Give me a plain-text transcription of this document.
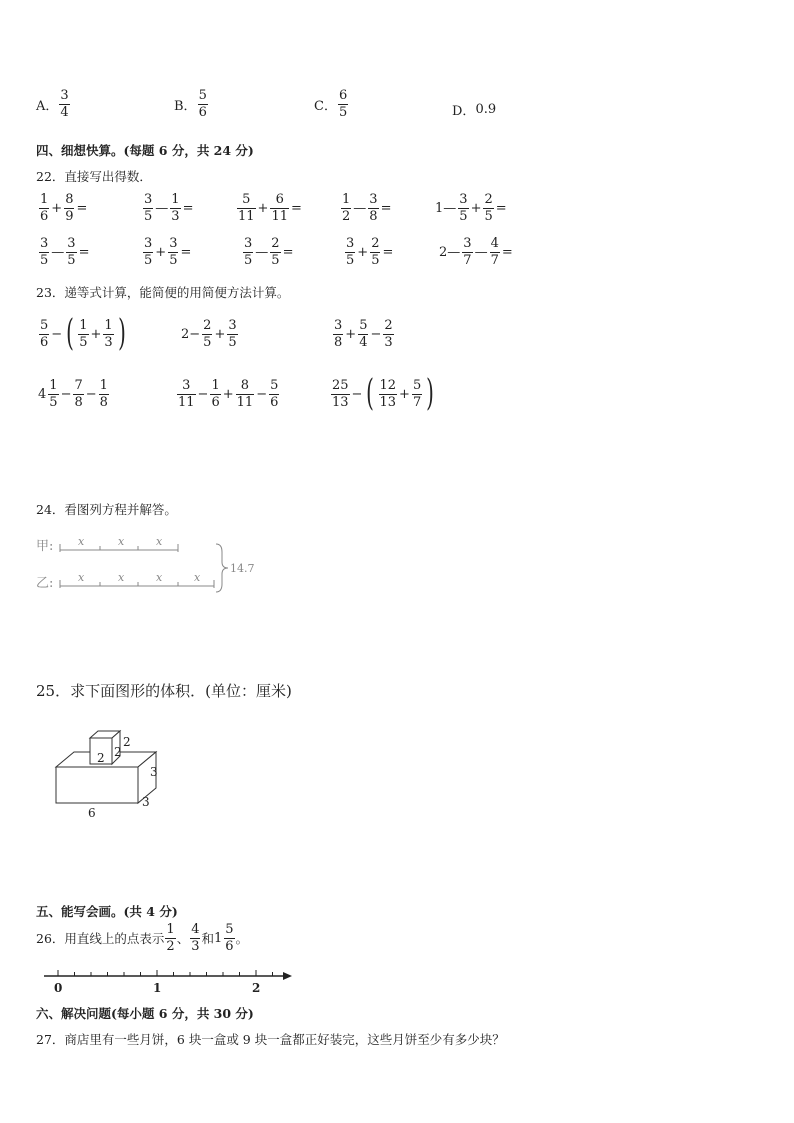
A． $\frac{3}{4}$	B． $\frac{5}{6}$	C． $\frac{6}{5}$	D． 0.9
四、细想快算。(每题 6 分，共 24 分)
22．直接写出得数．
$\frac{1}{6} + \frac{8}{9}$ =	$\frac{3}{5}$ — $\frac{1}{3}$ =	$\frac{5}{11} + \frac{6}{11}$ =	$\frac{1}{2}$ — $\frac{3}{8}$ =	1— $\frac{3}{5} + \frac{2}{5}$ =
$\frac{3}{5}$ — $\frac{3}{5}$ =	$\frac{3}{5} + \frac{3}{5}$ =	$\frac{3}{5}$ — $\frac{2}{5}$ =	$\frac{3}{5} + \frac{2}{5}$ =	2— $\frac{3}{7}$ — $\frac{4}{7}$ =
23．递等式计算，能简便的用简便方法计算。
$\frac{5}{6}$ − ( $\frac{1}{5} + \frac{1}{3}$ )	$2- \frac{2}{5} + \frac{3}{5}$	$\frac{3}{8} + \frac{5}{4} - \frac{2}{3}$
$4 \frac{1}{5} - \frac{7}{8} - \frac{1}{8}$	$\frac{3}{11} - \frac{1}{6} + \frac{8}{11} - \frac{5}{6}$	$\frac{25}{13}$ − ( $\frac{12}{13} + \frac{5}{7}$ )
24．看图列方程并解答。
甲:
乙:
x	x	x
x	x	x	x
14.7
25．求下面图形的体积．(单位：厘米)
2
2
2
3
3
6
五、能写会画。(共 4 分)
26．用直线上的点表示 $\frac{1}{2}$ 、 $\frac{4}{3}$ 和 $1 \frac{5}{6}$ 。
0	1	2
六、解决问题(每小题 6 分，共 30 分)
27．商店里有一些月饼，6 块一盒或 9 块一盒都正好装完，这些月饼至少有多少块？
